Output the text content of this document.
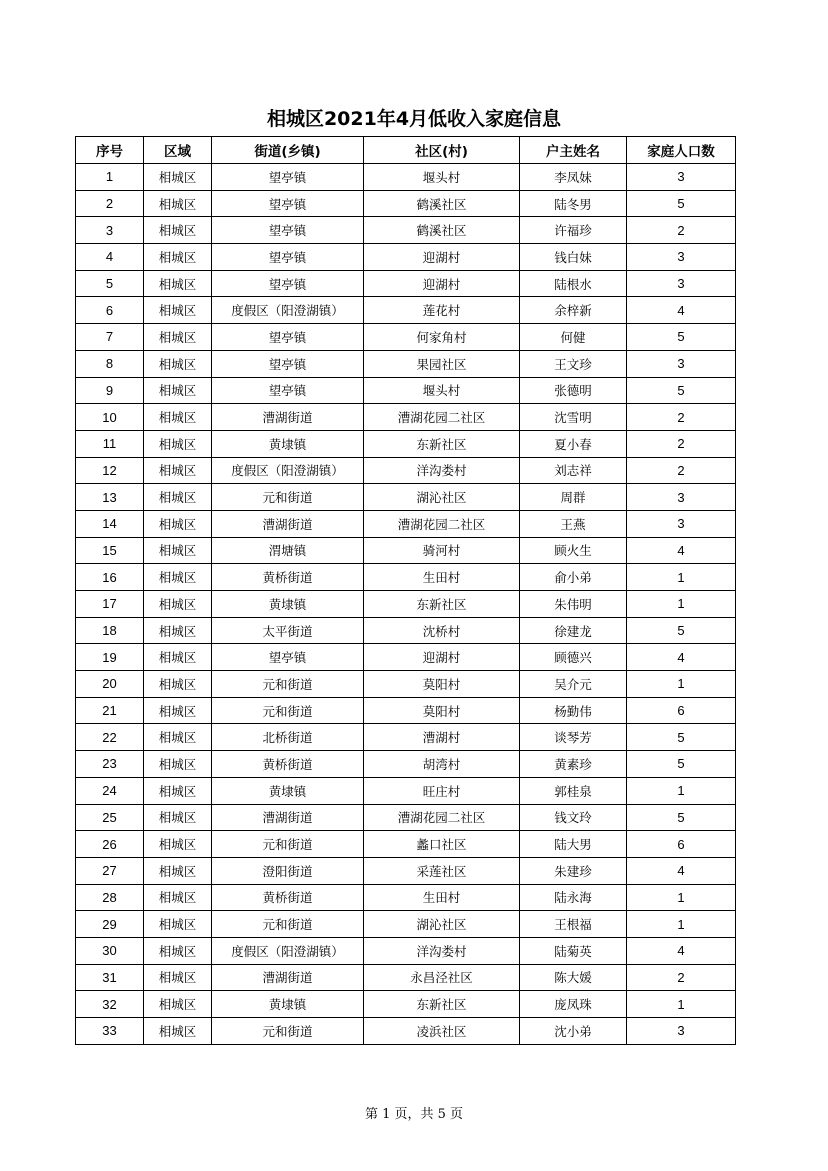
相城区2021年4月低收入家庭信息
序号	区域	街道(乡镇)	社区(村)	户主姓名	家庭人口数
1	相城区	望亭镇	堰头村	李凤妹	3
2	相城区	望亭镇	鹤溪社区	陆冬男	5
3	相城区	望亭镇	鹤溪社区	许福珍	2
4	相城区	望亭镇	迎湖村	钱白妹	3
5	相城区	望亭镇	迎湖村	陆根水	3
6	相城区	度假区（阳澄湖镇）	莲花村	余梓新	4
7	相城区	望亭镇	何家角村	何健	5
8	相城区	望亭镇	果园社区	王文珍	3
9	相城区	望亭镇	堰头村	张德明	5
10	相城区	漕湖街道	漕湖花园二社区	沈雪明	2
11	相城区	黄埭镇	东新社区	夏小春	2
12	相城区	度假区（阳澄湖镇）	洋沟娄村	刘志祥	2
13	相城区	元和街道	湖沁社区	周群	3
14	相城区	漕湖街道	漕湖花园二社区	王燕	3
15	相城区	渭塘镇	骑河村	顾火生	4
16	相城区	黄桥街道	生田村	俞小弟	1
17	相城区	黄埭镇	东新社区	朱伟明	1
18	相城区	太平街道	沈桥村	徐建龙	5
19	相城区	望亭镇	迎湖村	顾德兴	4
20	相城区	元和街道	莫阳村	吴介元	1
21	相城区	元和街道	莫阳村	杨勤伟	6
22	相城区	北桥街道	漕湖村	谈琴芳	5
23	相城区	黄桥街道	胡湾村	黄素珍	5
24	相城区	黄埭镇	旺庄村	郭桂泉	1
25	相城区	漕湖街道	漕湖花园二社区	钱文玲	5
26	相城区	元和街道	蠡口社区	陆大男	6
27	相城区	澄阳街道	采莲社区	朱建珍	4
28	相城区	黄桥街道	生田村	陆永海	1
29	相城区	元和街道	湖沁社区	王根福	1
30	相城区	度假区（阳澄湖镇）	洋沟娄村	陆菊英	4
31	相城区	漕湖街道	永昌泾社区	陈大媛	2
32	相城区	黄埭镇	东新社区	庞凤珠	1
33	相城区	元和街道	凌浜社区	沈小弟	3
第 1 页，共 5 页
